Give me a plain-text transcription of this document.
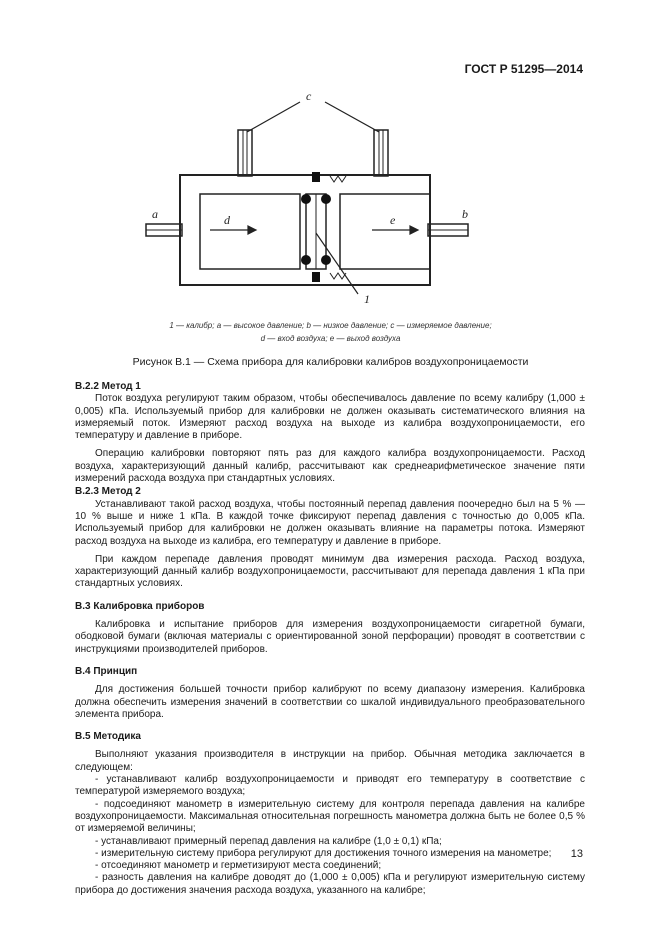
ГОСТ Р 51295—2014
c
a	b
d	e
1
1 — калибр; a — высокое давление; b — низкое давление; c — измеряемое давление;
d — вход воздуха; e — выход воздуха
Рисунок В.1 — Схема прибора для калибровки калибров воздухопроницаемости

В.2.2 Метод 1

Поток воздуха регулируют таким образом, чтобы обеспечивалось давление по всему калибру (1,000 ± 0,005) кПа. Используемый прибор для калибровки не должен оказывать систематического влияния на измеряемый поток. Измеряют расход воздуха на выходе из калибра воздухопроницаемости, его температуру и давление в приборе.

Операцию калибровки повторяют пять раз для каждого калибра воздухопроницаемости. Расход воздуха, характеризующий данный калибр, рассчитывают как среднеарифметическое значение пяти измерений расхода воздуха при стандартных условиях.

В.2.3 Метод 2

Устанавливают такой расход воздуха, чтобы постоянный перепад давления поочередно был на 5 % — 10 % выше и ниже 1 кПа. В каждой точке фиксируют перепад давления с точностью до 0,005 кПа. Используемый прибор для калибровки не должен оказывать влияние на параметры потока. Измеряют расход воздуха на выходе из калибра, его температуру и давление в приборе.

При каждом перепаде давления проводят минимум два измерения расхода. Расход воздуха, характеризующий данный калибр воздухопроницаемости, рассчитывают для перепада давления 1 кПа при стандартных условиях.

В.3 Калибровка приборов

Калибровка и испытание приборов для измерения воздухопроницаемости сигаретной бумаги, ободковой бумаги (включая материалы с ориентированной зоной перфорации) проводят в соответствии с инструкциями производителей приборов.

В.4 Принцип

Для достижения большей точности прибор калибруют по всему диапазону измерения. Калибровка должна обеспечить измерения значений в соответствии со шкалой индивидуального преобразовательного элемента прибора.

В.5 Методика

Выполняют указания производителя в инструкции на прибор. Обычная методика заключается в следующем:

- устанавливают калибр воздухопроницаемости и приводят его температуру в соответствие с температурой измеряемого воздуха;

- подсоединяют манометр в измерительную систему для контроля перепада давления на калибре воздухопроницаемости. Максимальная относительная погрешность манометра должна быть не более 0,5 % от измеряемой величины;

- устанавливают примерный перепад давления на калибре (1,0 ± 0,1) кПа;

- измерительную систему прибора регулируют для достижения точного измерения на манометре;

- отсоединяют манометр и герметизируют места соединений;

- разность давления на калибре доводят до (1,000 ± 0,005) кПа и регулируют измерительную систему прибора до достижения значения расхода воздуха, указанного на калибре;

13
